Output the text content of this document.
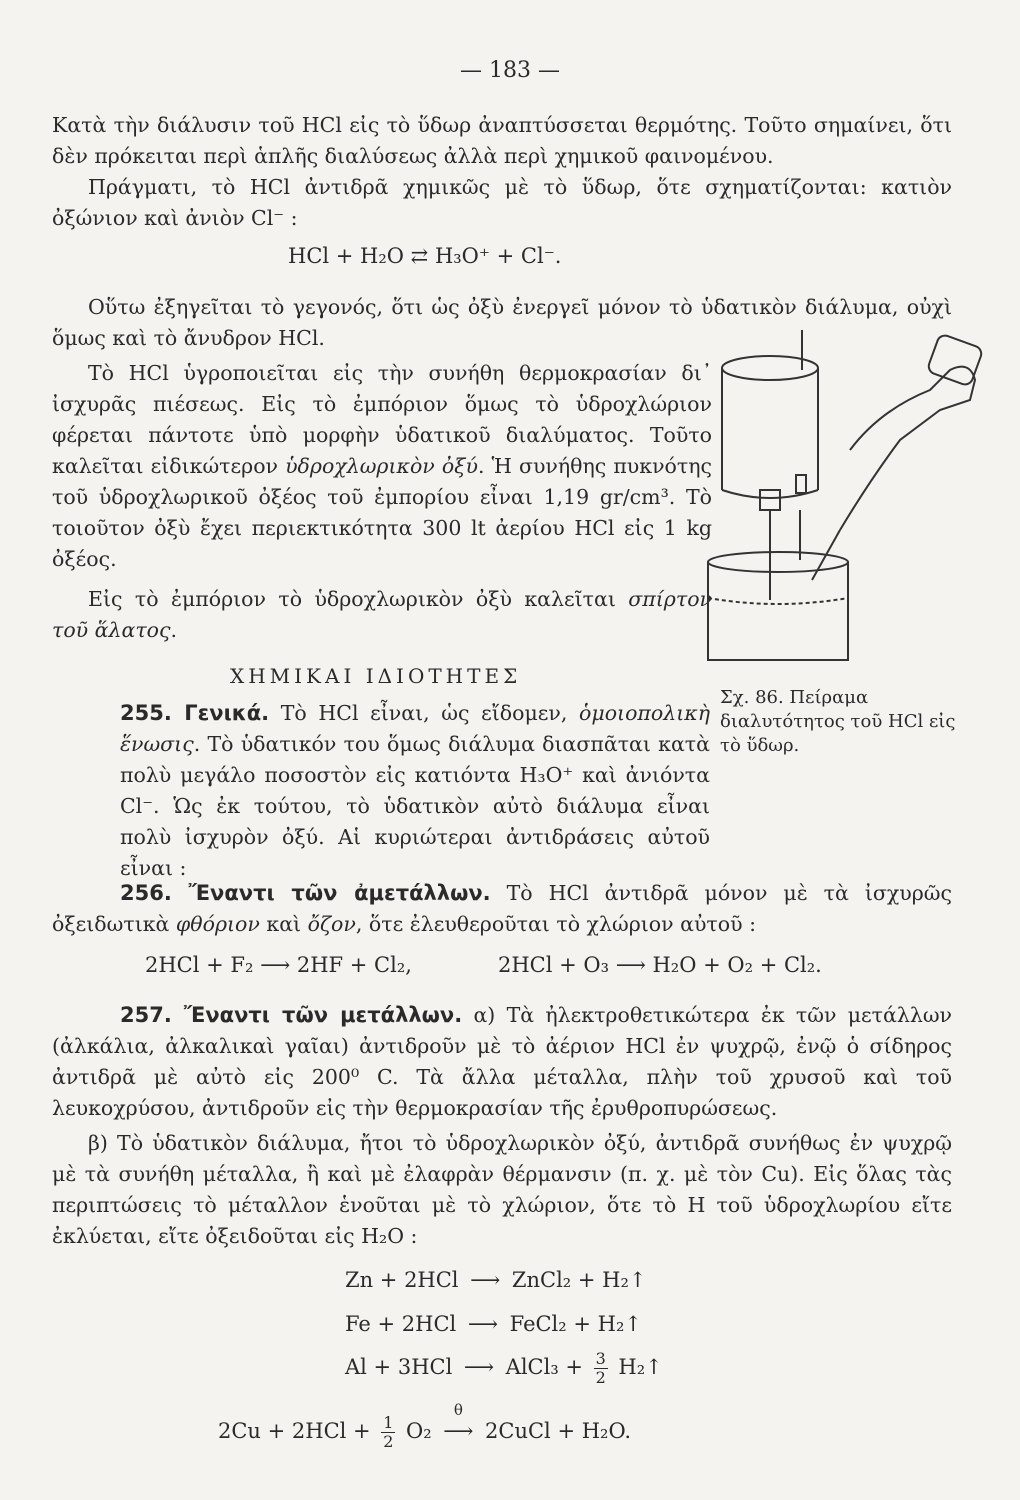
— 183 —

Κατὰ τὴν διάλυσιν τοῦ HCl εἰς τὸ ὕδωρ ἀναπτύσσεται θερμότης. Τοῦτο σημαίνει, ὅτι δὲν πρόκειται περὶ ἁπλῆς διαλύσεως ἀλλὰ περὶ χημικοῦ φαινομένου.

Πράγματι, τὸ HCl ἀντιδρᾶ χημικῶς μὲ τὸ ὕδωρ, ὅτε σχηματίζονται: κατιὸν ὀξώνιον καὶ ἀνιὸν Cl⁻ :

HCl + H₂O ⇄ H₃O⁺ + Cl⁻.

Οὕτω ἐξηγεῖται τὸ γεγονός, ὅτι ὡς ὀξὺ ἐνεργεῖ μόνον τὸ ὑδατικὸν διάλυμα, οὐχὶ ὅμως καὶ τὸ ἄνυδρον HCl.

Τὸ HCl ὑγροποιεῖται εἰς τὴν συνήθη θερμοκρασίαν δι᾽ ἰσχυρᾶς πιέσεως. Εἰς τὸ ἐμπόριον ὅμως τὸ ὑδροχλώριον φέρεται πάντοτε ὑπὸ μορφὴν ὑδατικοῦ διαλύματος. Τοῦτο καλεῖται εἰδικώτερον ὑδροχλωρικὸν ὀξύ. Ἡ συνήθης πυκνότης τοῦ ὑδροχλωρικοῦ ὀξέος τοῦ ἐμπορίου εἶναι 1,19 gr/cm³. Τὸ τοιοῦτον ὀξὺ ἔχει περιεκτικότητα 300 lt ἀερίου HCl εἰς 1 kg ὀξέος.

Εἰς τὸ ἐμπόριον τὸ ὑδροχλωρικὸν ὀξὺ καλεῖται σπίρτον τοῦ ἅλατος.

ΧΗΜΙΚΑΙ ΙΔΙΟΤΗΤΕΣ
Σχ. 86. Πείραμα διαλυτότητος τοῦ HCl εἰς τὸ ὕδωρ.

255. Γενικά. Τὸ HCl εἶναι, ὡς εἴδομεν, ὁμοιοπολικὴ ἕνωσις. Τὸ ὑδατικόν του ὅμως διάλυμα διασπᾶται κατὰ πολὺ μεγάλο ποσοστὸν εἰς κατιόντα H₃O⁺ καὶ ἀνιόντα Cl⁻. Ὡς ἐκ τούτου, τὸ ὑδατικὸν αὐτὸ διάλυμα εἶναι πολὺ ἰσχυρὸν ὀξύ. Αἱ κυριώτεραι ἀντιδράσεις αὐτοῦ εἶναι :

256. Ἔναντι τῶν ἀμετάλλων. Τὸ HCl ἀντιδρᾶ μόνον μὲ τὰ ἰσχυρῶς ὀξειδωτικὰ φθόριον καὶ ὄζον, ὅτε ἐλευθεροῦται τὸ χλώριον αὐτοῦ :

2HCl + F₂ ⟶ 2HF + Cl₂,	2HCl + O₃ ⟶ H₂O + O₂ + Cl₂.

257. Ἔναντι τῶν μετάλλων. α) Τὰ ἠλεκτροθετικώτερα ἐκ τῶν μετάλλων (ἀλκάλια, ἀλκαλικαὶ γαῖαι) ἀντιδροῦν μὲ τὸ ἀέριον HCl ἐν ψυχρῷ, ἐνῷ ὁ σίδηρος ἀντιδρᾶ μὲ αὐτὸ εἰς 200⁰ C. Τὰ ἄλλα μέταλλα, πλὴν τοῦ χρυσοῦ καὶ τοῦ λευκοχρύσου, ἀντιδροῦν εἰς τὴν θερμοκρασίαν τῆς ἐρυθροπυρώσεως.

β) Τὸ ὑδατικὸν διάλυμα, ἤτοι τὸ ὑδροχλωρικὸν ὀξύ, ἀντιδρᾶ συνήθως ἐν ψυχρῷ μὲ τὰ συνήθη μέταλλα, ἢ καὶ μὲ ἐλαφρὰν θέρμανσιν (π. χ. μὲ τὸν Cu). Εἰς ὅλας τὰς περιπτώσεις τὸ μέταλλον ἑνοῦται μὲ τὸ χλώριον, ὅτε τὸ H τοῦ ὑδροχλωρίου εἴτε ἐκλύεται, εἴτε ὀξειδοῦται εἰς H₂O :

Zn + 2HCl ⟶ ZnCl₂ + H₂↑
Fe + 2HCl ⟶ FeCl₂ + H₂↑
Al + 3HCl ⟶ AlCl₃ + $\frac{3}{2}$ H₂↑
$2Cu + 2HCl + \frac{1}{2} O_2$
θ
⟶ 2CuCl + H₂O.
